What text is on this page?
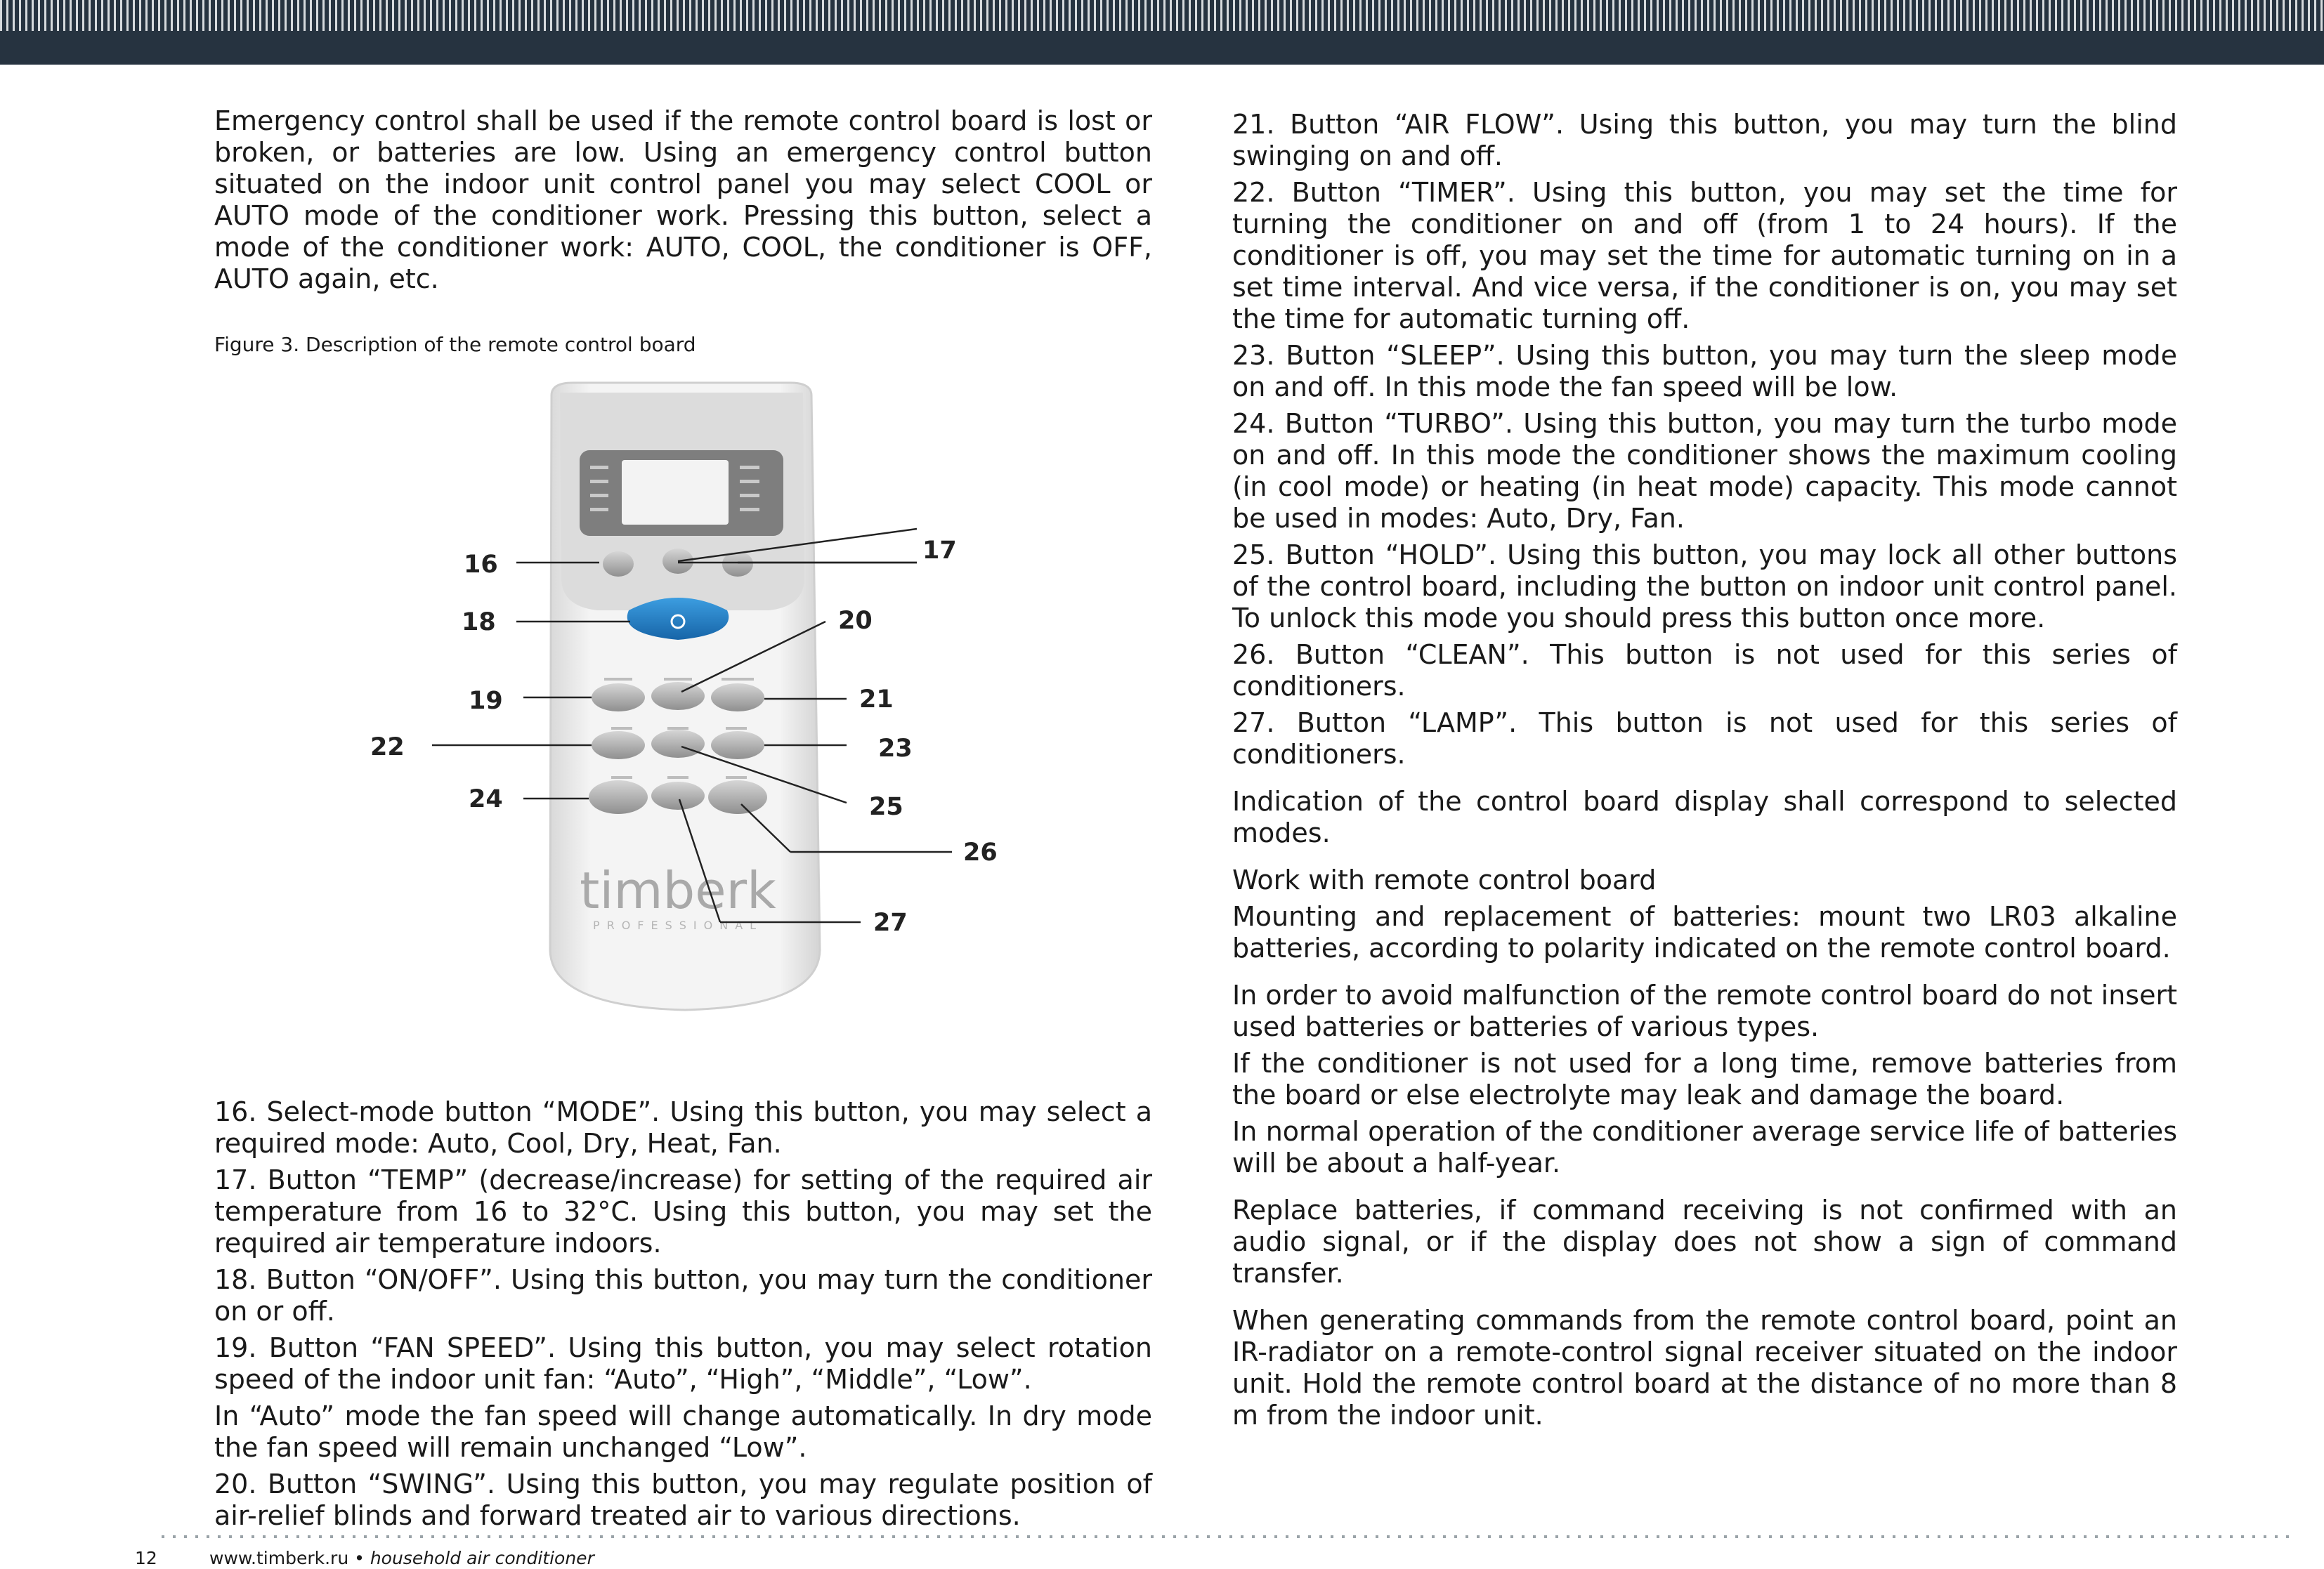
Emergency control shall be used if the remote control board is lost or broken, or batteries are low. Using an emergency control button situated on the indoor unit control panel you may select COOL or AUTO mode of the conditioner work. Pressing this button, select a mode of the conditioner work: AUTO, COOL, the conditioner is OFF, AUTO again, etc.

Figure 3. Description of the remote control board

timberk
PROFESSIONAL
16	17
18
19
20
21
22	23
24	25
26
27

16. Select-mode button “MODE”. Using this button, you may select a required mode: Auto, Cool, Dry, Heat, Fan.

17. Button “TEMP” (decrease/increase) for setting of the required air temperature from 16 to 32°C. Using this button, you may set the required air temperature indoors.

18. Button “ON/OFF”. Using this button, you may turn the conditioner on or off.

19. Button “FAN SPEED”. Using this button, you may select rotation speed of the indoor unit fan: “Auto”, “High”, “Middle”, “Low”.

In “Auto” mode the fan speed will change automatically. In dry mode the fan speed will remain unchanged “Low”.

20. Button “SWING”. Using this button, you may regulate position of air-relief blinds and forward treated air to various directions.

21. Button “AIR FLOW”. Using this button, you may turn the blind swinging on and off.

22. Button “TIMER”. Using this button, you may set the time for turning the conditioner on and off (from 1 to 24 hours). If the conditioner is off, you may set the time for automatic turning on in a set time interval. And vice versa, if the conditioner is on, you may set the time for automatic turning off.

23. Button “SLEEP”. Using this button, you may turn the sleep mode on and off. In this mode the fan speed will be low.

24. Button “TURBO”. Using this button, you may turn the turbo mode on and off. In this mode the conditioner shows the maximum cooling (in cool mode) or heating (in heat mode) capacity. This mode cannot be used in modes: Auto, Dry, Fan.

25. Button “HOLD”. Using this button, you may lock all other buttons of the control board, including the button on indoor unit control panel. To unlock this mode you should press this button once more.

26. Button “CLEAN”. This button is not used for this series of conditioners.

27. Button “LAMP”. This button is not used for this series of conditioners.

Indication of the control board display shall correspond to selected modes.

Work with remote control board

Mounting and replacement of batteries: mount two LR03 alkaline batteries, according to polarity indicated on the remote control board.

In order to avoid malfunction of the remote control board do not insert used batteries or batteries of various types.

If the conditioner is not used for a long time, remove batteries from the board or else electrolyte may leak and damage the board.

In normal operation of the conditioner average service life of batteries will be about a half-year.

Replace batteries, if command receiving is not confirmed with an audio signal, or if the display does not show a sign of command transfer.

When generating commands from the remote control board, point an IR-radiator on a remote-control signal receiver situated on the indoor unit. Hold the remote control board at the distance of no more than 8 m from the indoor unit.

12	www.timberk.ru • household air conditioner
